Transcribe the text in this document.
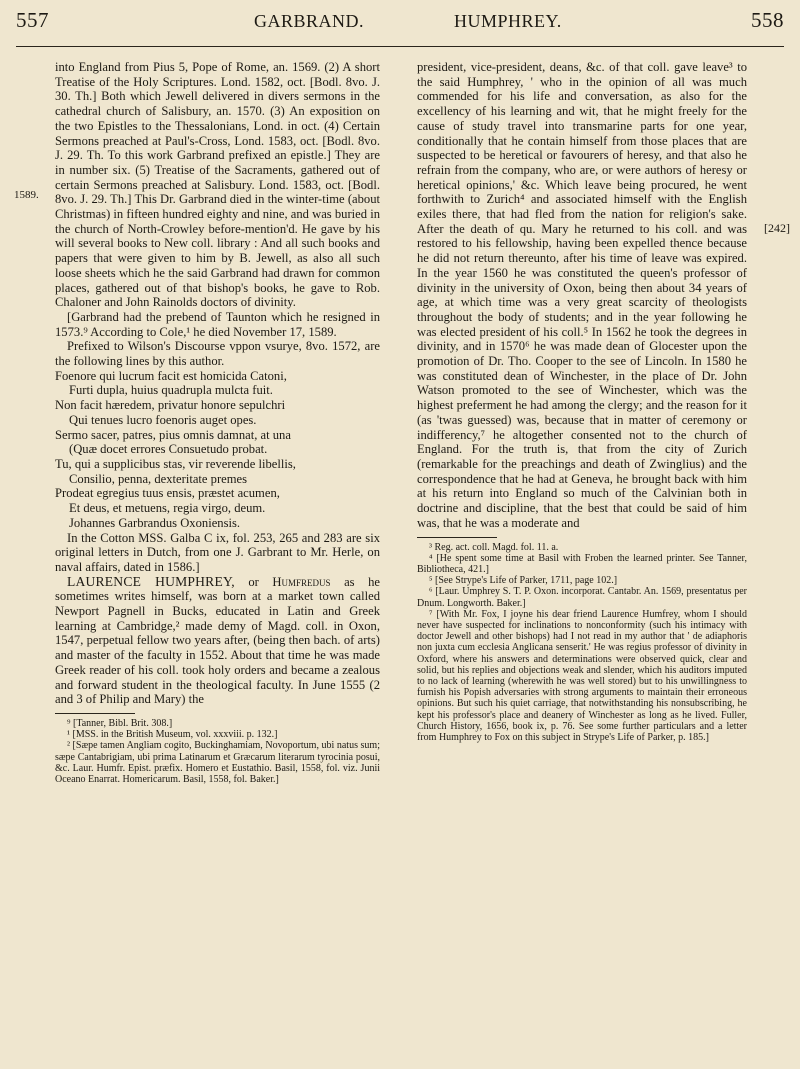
557	GARBRAND.	HUMPHREY.	558
1589.
[242]

into England from Pius 5, Pope of Rome, an. 1569. (2) A short Treatise of the Holy Scriptures. Lond. 1582, oct. [Bodl. 8vo. J. 30. Th.] Both which Jewell delivered in divers sermons in the cathedral church of Salisbury, an. 1570. (3) An exposition on the two Epistles to the Thessalonians, Lond. in oct. (4) Certain Sermons preached at Paul's-Cross, Lond. 1583, oct. [Bodl. 8vo. J. 29. Th. To this work Garbrand prefixed an epistle.] They are in number six. (5) Treatise of the Sacraments, gathered out of certain Sermons preached at Salisbury. Lond. 1583, oct. [Bodl. 8vo. J. 29. Th.] This Dr. Garbrand died in the winter-time (about Christmas) in fifteen hundred eighty and nine, and was buried in the church of North-Crowley before-mention'd. He gave by his will several books to New coll. library : And all such books and papers that were given to him by B. Jewell, as also all such loose sheets which he the said Garbrand had drawn for common places, gathered out of that bishop's books, he gave to Rob. Chaloner and John Rainolds doctors of divinity.

[Garbrand had the prebend of Taunton which he resigned in 1573.⁹ According to Cole,¹ he died November 17, 1589.

Prefixed to Wilson's Discourse vppon vsurye, 8vo. 1572, are the following lines by this author.

Foenore qui lucrum facit est homicida Catoni,
Furti dupla, huius quadrupla mulcta fuit.
Non facit hæredem, privatur honore sepulchri
Qui tenues lucro foenoris auget opes.
Sermo sacer, patres, pius omnis damnat, at una
(Quæ docet errores Consuetudo probat.
Tu, qui a supplicibus stas, vir reverende libellis,
Consilio, penna, dexteritate premes
Prodeat egregius tuus ensis, præstet acumen,
Et deus, et metuens, regia virgo, deum.
Johannes Garbrandus Oxoniensis.

In the Cotton MSS. Galba C ix, fol. 253, 265 and 283 are six original letters in Dutch, from one J. Garbrant to Mr. Herle, on naval affairs, dated in 1586.]

LAURENCE HUMPHREY, or Humfredus as he sometimes writes himself, was born at a market town called Newport Pagnell in Bucks, educated in Latin and Greek learning at Cambridge,² made demy of Magd. coll. in Oxon, 1547, perpetual fellow two years after, (being then bach. of arts) and master of the faculty in 1552. About that time he was made Greek reader of his coll. took holy orders and became a zealous and forward student in the theological faculty. In June 1555 (2 and 3 of Philip and Mary) the

⁹ [Tanner, Bibl. Brit. 308.]

¹ [MSS. in the British Museum, vol. xxxviii. p. 132.]

² [Sæpe tamen Angliam cogito, Buckinghamiam, Novoportum, ubi natus sum; sæpe Cantabrigiam, ubi prima Latinarum et Græcarum literarum tyrocinia posui, &c. Laur. Humfr. Epist. præfix. Homero et Eustathio. Basil, 1558, fol. viz. Junii Oceano Enarrat. Homericarum. Basil, 1558, fol. Baker.]

president, vice-president, deans, &c. of that coll. gave leave³ to the said Humphrey, ' who in the opinion of all was much commended for his life and conversation, as also for the excellency of his learning and wit, that he might freely for the cause of study travel into transmarine parts for one year, conditionally that he contain himself from those places that are suspected to be heretical or favourers of heresy, and that also he refrain from the company, who are, or were authors of heresy or heretical opinions,' &c. Which leave being procured, he went forthwith to Zurich⁴ and associated himself with the English exiles there, that had fled from the nation for religion's sake. After the death of qu. Mary he returned to his coll. and was restored to his fellowship, having been expelled thence because he did not return thereunto, after his time of leave was expired. In the year 1560 he was constituted the queen's professor of divinity in the university of Oxon, being then about 34 years of age, at which time was a very great scarcity of theologists throughout the body of students; and in the year following he was elected president of his coll.⁵ In 1562 he took the degrees in divinity, and in 1570⁶ he was made dean of Glocester upon the promotion of Dr. Tho. Cooper to the see of Lincoln. In 1580 he was constituted dean of Winchester, in the place of Dr. John Watson promoted to the see of Winchester, which was the highest preferment he had among the clergy; and the reason for it (as 'twas guessed) was, because that in matter of ceremony or indifferency,⁷ he altogether consented not to the church of England. For the truth is, that from the city of Zurich (remarkable for the preachings and death of Zwinglius) and the correspondence that he had at Geneva, he brought back with him at his return into England so much of the Calvinian both in doctrine and discipline, that the best that could be said of him was, that he was a moderate and

³ Reg. act. coll. Magd. fol. 11. a.

⁴ [He spent some time at Basil with Froben the learned printer. See Tanner, Bibliotheca, 421.]

⁵ [See Strype's Life of Parker, 1711, page 102.]

⁶ [Laur. Umphrey S. T. P. Oxon. incorporat. Cantabr. An. 1569, presentatus per Dnum. Longworth. Baker.]

⁷ [With Mr. Fox, I joyne his dear friend Laurence Humfrey, whom I should never have suspected for inclinations to nonconformity (such his intimacy with doctor Jewell and other bishops) had I not read in my author that ' de adiaphoris non juxta cum ecclesia Anglicana senserit.' He was regius professor of divinity in Oxford, where his answers and determinations were observed quick, clear and solid, but his replies and objections weak and slender, which his auditors imputed to no lack of learning (wherewith he was well stored) but to his unwillingness to furnish his Popish adversaries with strong arguments to maintain their erroneous opinions. But such his quiet carriage, that notwithstanding his nonsubscribing, he kept his professor's place and deanery of Winchester as long as he lived. Fuller, Church History, 1656, book ix, p. 76. See some further particulars and a letter from Humphrey to Fox on this subject in Strype's Life of Parker, p. 185.]
